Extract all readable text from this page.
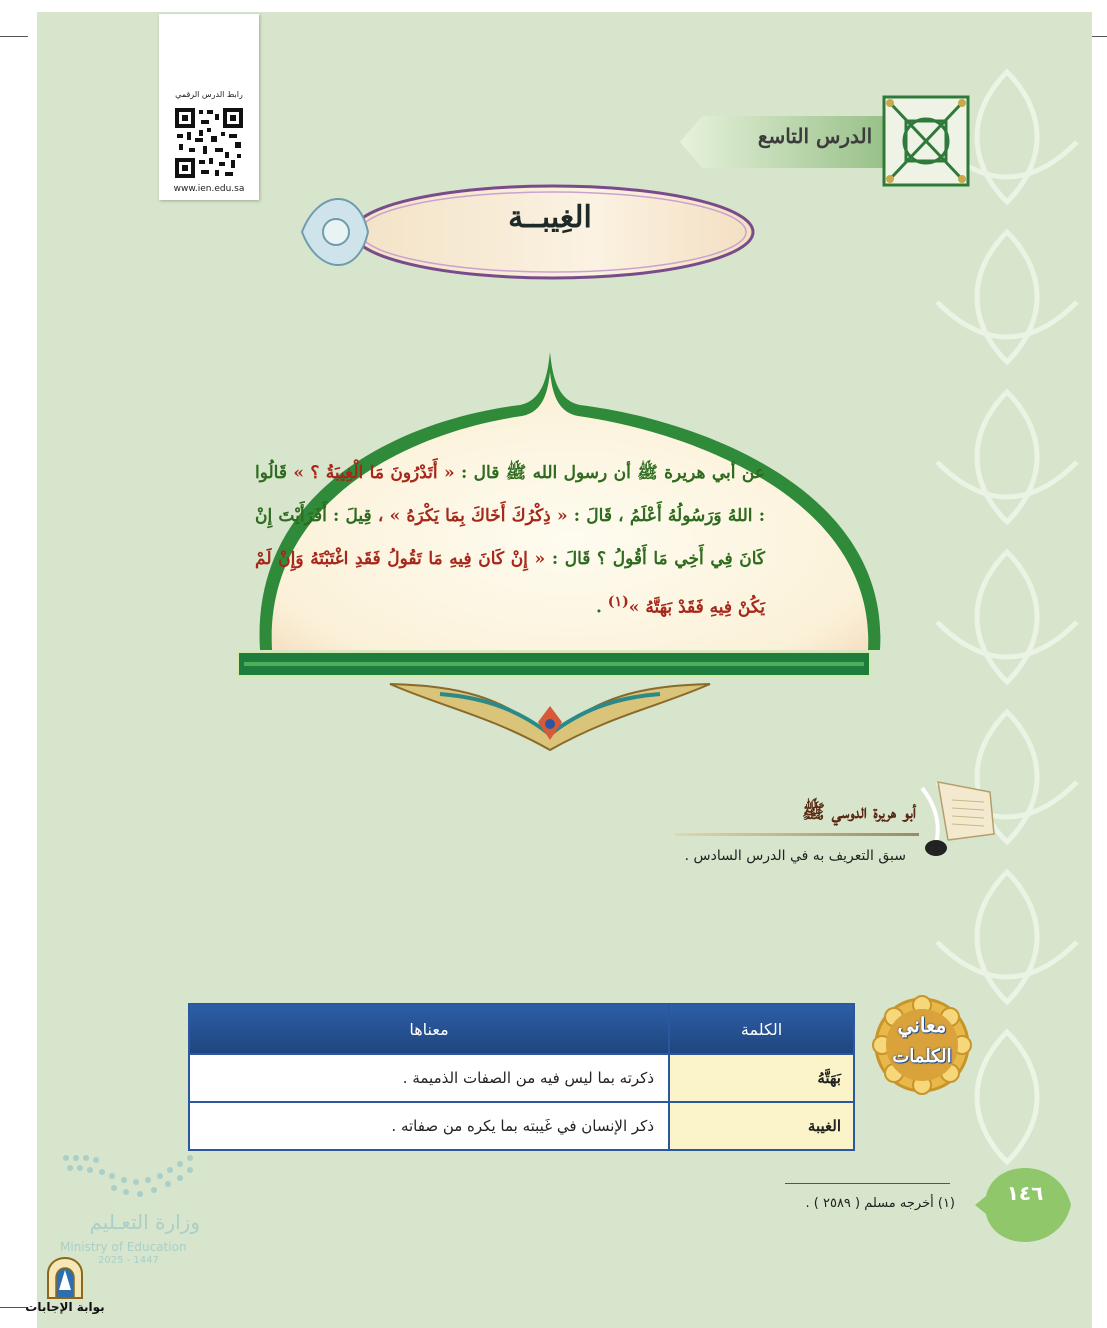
رابط الدرس الرقمي
www.ien.edu.sa
الدرس التاسع
الغِيبــة
عن أبي هريرة ﷺ أن رسول الله ﷺ قال : « أَتَدْرُونَ مَا الْغِيبَةُ ؟ » قَالُوا : اللهُ وَرَسُولُهُ أَعْلَمُ ، قَالَ : « ذِكْرُكَ أَخَاكَ بِمَا يَكْرَهُ » ، قِيلَ : أَفَرَأَيْتَ إِنْ كَانَ فِي أَخِي مَا أَقُولُ ؟ قَالَ : « إِنْ كَانَ فِيهِ مَا تَقُولُ فَقَدِ اغْتَبْتَهُ وَإِنْ لَمْ يَكُنْ فِيهِ فَقَدْ بَهَتَّهُ »$^{(١)}$ .
أبو هريرة الدوسي ﷺ
سبق التعريف به في الدرس السادس .
معاني
الكلمات
الكلمة	معناها
بَهَتَّهُ	ذكرته بما ليس فيه من الصفات الذميمة .
الغيبة	ذكر الإنسان في غَيبته بما يكره من صفاته .
(١) أخرجه مسلم ( ٢٥٨٩ ) .	١٤٦
وزارة التعـليم
Ministry of Education
2025 - 1447
بوابة الإجابات
